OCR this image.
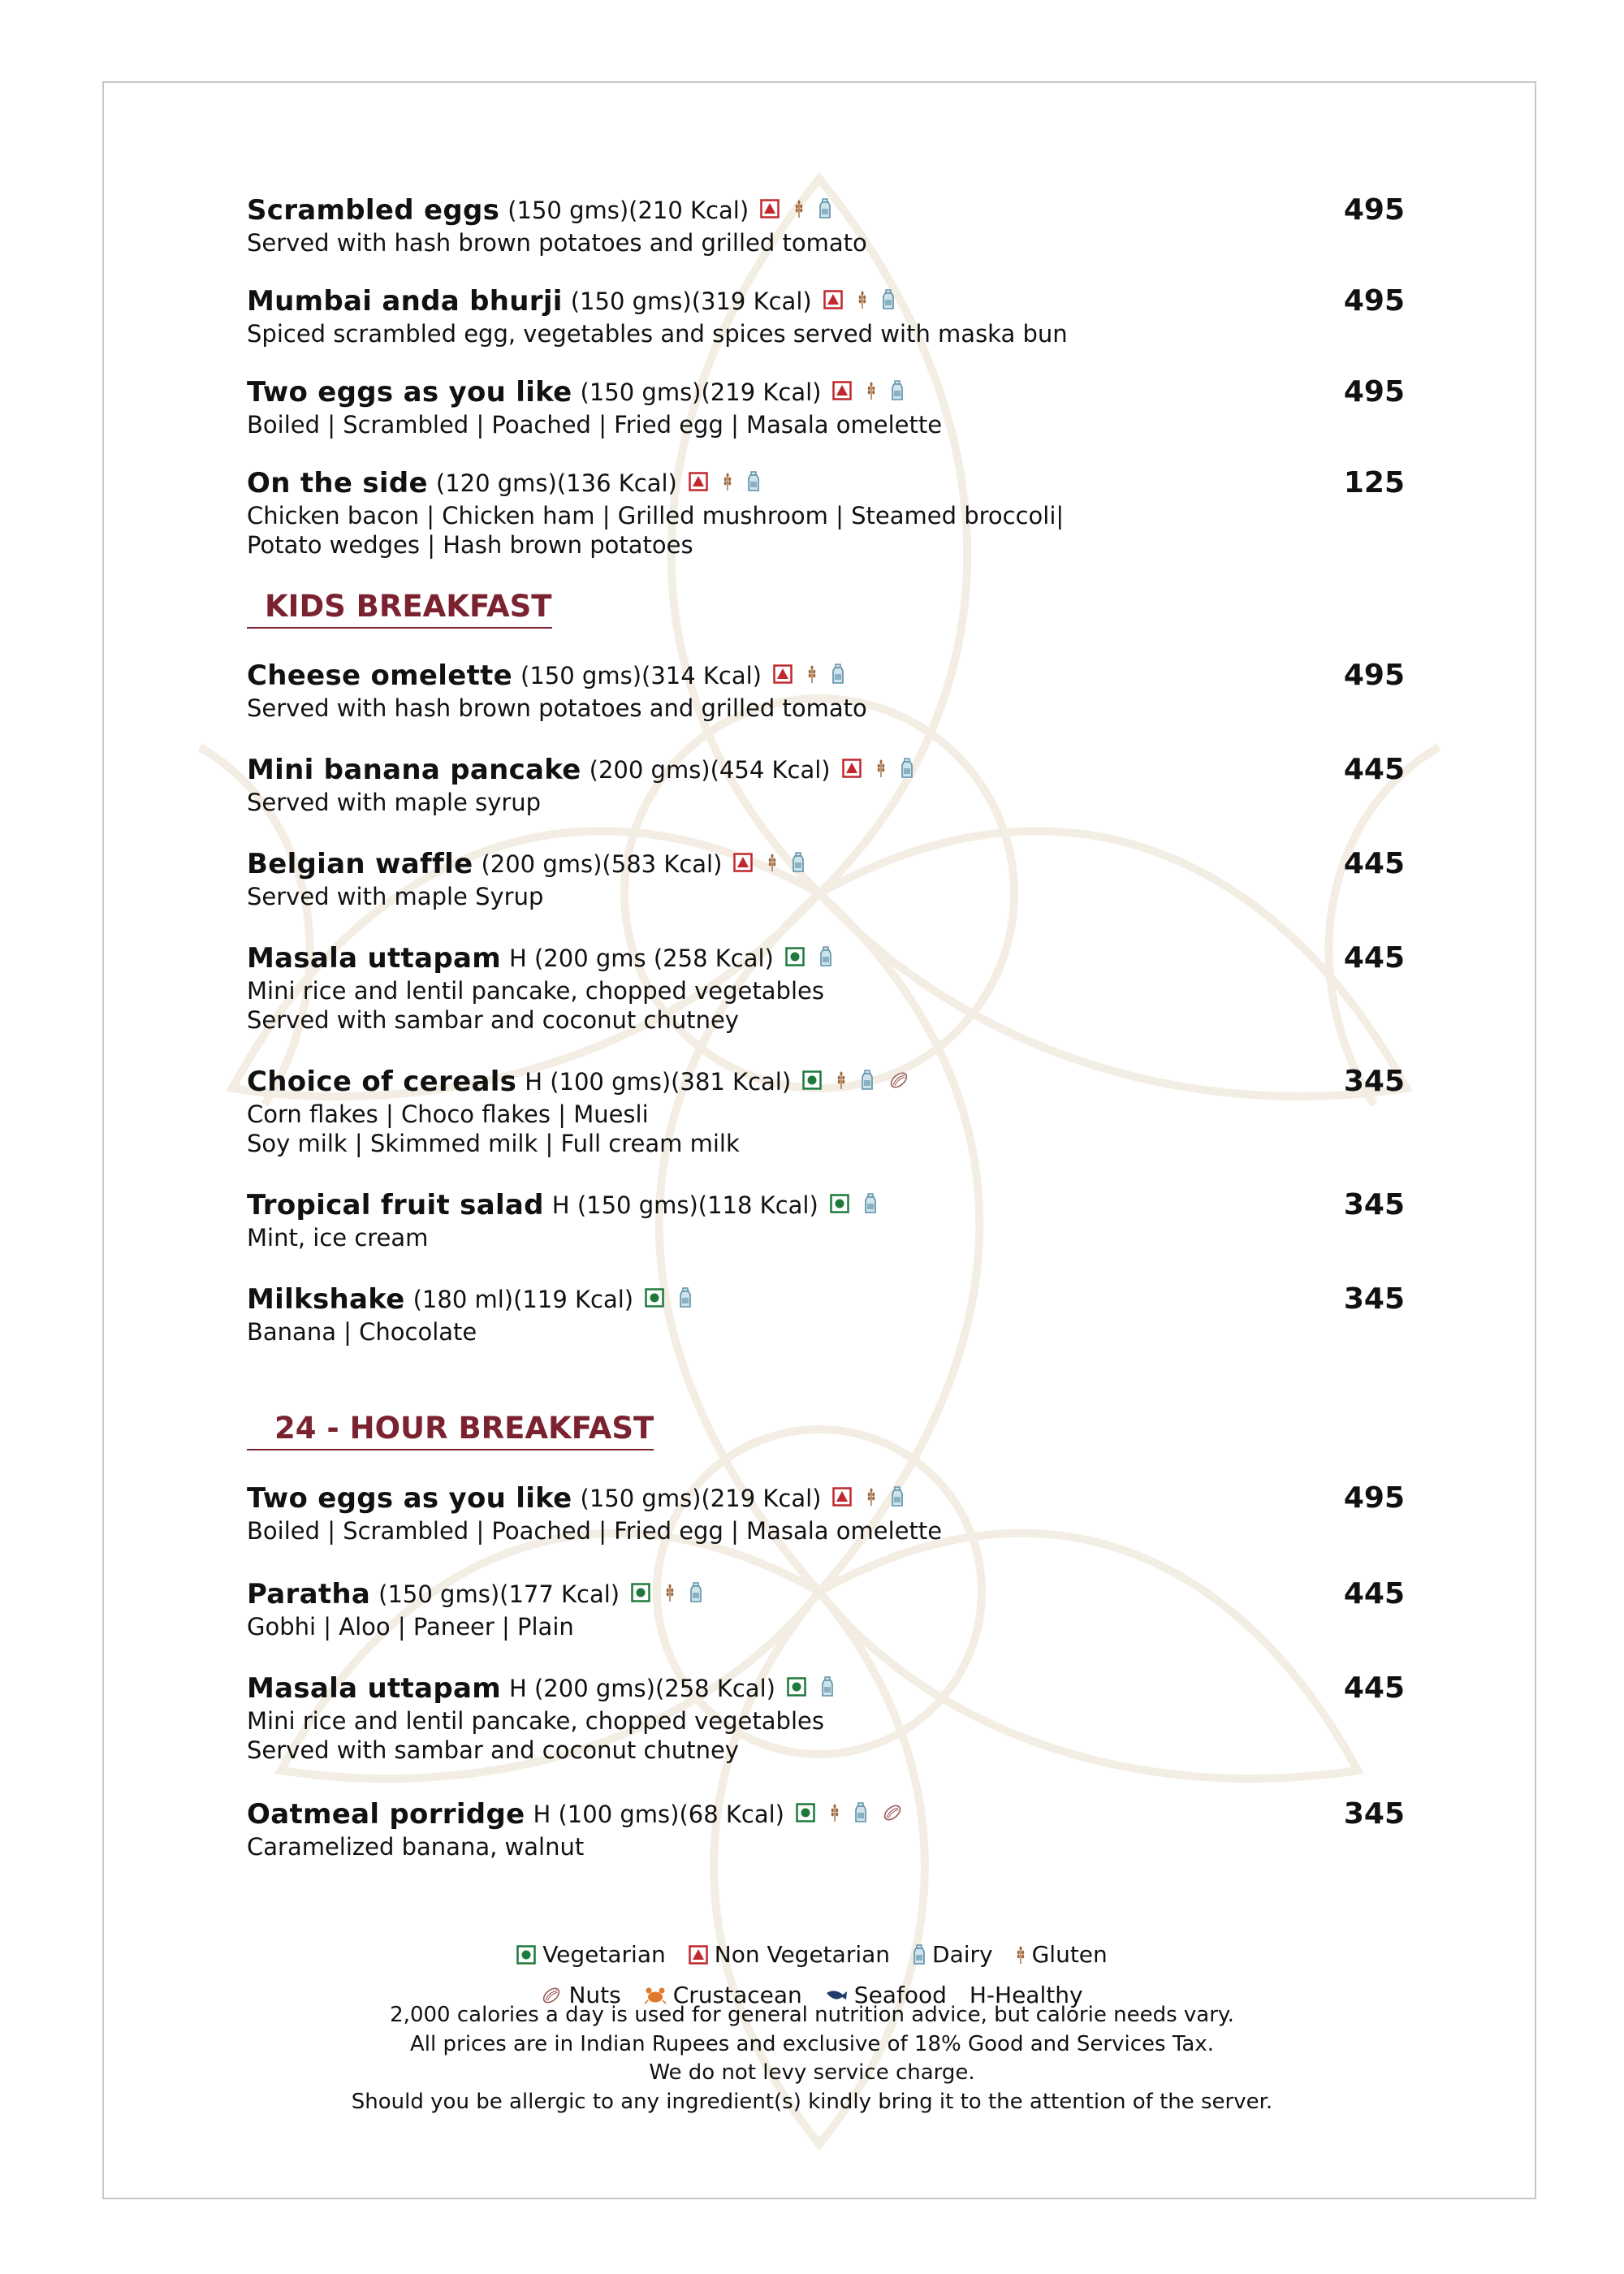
Scrambled eggs (150 gms)(210 Kcal)	495
Served with hash brown potatoes and grilled tomato
Mumbai anda bhurji (150 gms)(319 Kcal)	495
Spiced scrambled egg, vegetables and spices served with maska bun
Two eggs as you like (150 gms)(219 Kcal)	495
Boiled | Scrambled | Poached | Fried egg | Masala omelette
On the side (120 gms)(136 Kcal)	125
Chicken bacon | Chicken ham | Grilled mushroom | Steamed broccoli|
Potato wedges | Hash brown potatoes
KIDS BREAKFAST
Cheese omelette (150 gms)(314 Kcal)	495
Served with hash brown potatoes and grilled tomato
Mini banana pancake (200 gms)(454 Kcal)	445
Served with maple syrup
Belgian waffle (200 gms)(583 Kcal)	445
Served with maple Syrup
Masala uttapam H (200 gms (258 Kcal)	445
Mini rice and lentil pancake, chopped vegetables
Served with sambar and coconut chutney
Choice of cereals H (100 gms)(381 Kcal)	345
Corn flakes | Choco flakes | Muesli
Soy milk | Skimmed milk | Full cream milk
Tropical fruit salad H (150 gms)(118 Kcal)	345
Mint, ice cream
Milkshake (180 ml)(119 Kcal)	345
Banana | Chocolate
24 - HOUR BREAKFAST
Two eggs as you like (150 gms)(219 Kcal)	495
Boiled | Scrambled | Poached | Fried egg | Masala omelette
Paratha (150 gms)(177 Kcal)	445
Gobhi | Aloo | Paneer | Plain
Masala uttapam H (200 gms)(258 Kcal)	445
Mini rice and lentil pancake, chopped vegetables
Served with sambar and coconut chutney
Oatmeal porridge H (100 gms)(68 Kcal)	345
Caramelized banana, walnut
Vegetarian Non Vegetarian Dairy Gluten
Nuts Crustacean Seafood H-Healthy
2,000 calories a day is used for general nutrition advice, but calorie needs vary.
All prices are in Indian Rupees and exclusive of 18% Good and Services Tax.
We do not levy service charge.
Should you be allergic to any ingredient(s) kindly bring it to the attention of the server.
